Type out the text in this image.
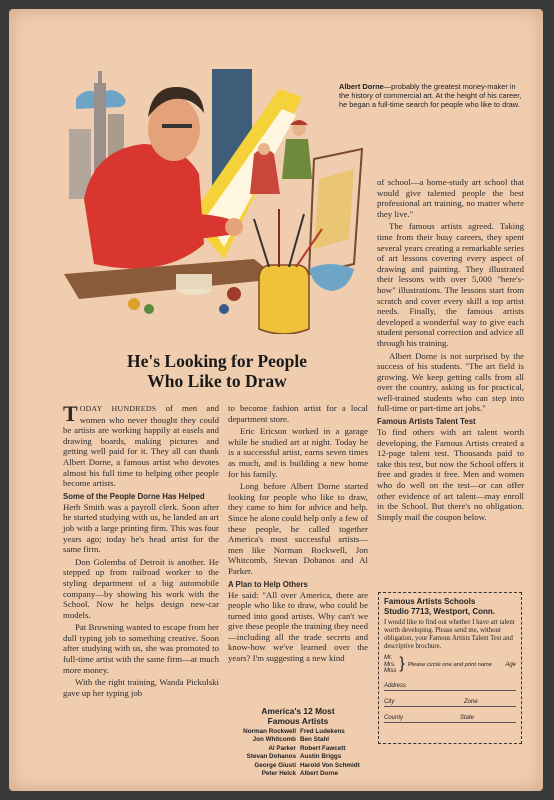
Albert Dorne—probably the greatest money-maker in the history of commercial art. At the height of his career, he began a full-time search for people who like to draw.
He's Looking for People
Who Like to Draw

TODAY HUNDREDS of men and women who never thought they could be artists are working happily at easels and drawing boards, making pictures and getting well paid for it. They all can thank Albert Dorne, a famous artist who devotes almost his full time to helping other people become artists.

Some of the People Dorne Has Helped

Herb Smith was a payroll clerk. Soon after he started studying with us, he landed an art job with a large printing firm. This was four years ago; today he's head artist for the same firm.

Don Golemba of Detroit is another. He stepped up from railroad worker to the styling department of a big automobile company—by showing his work with the School. Now he helps design new-car models.

Pat Browning wanted to escape from her dull typing job to something creative. Soon after studying with us, she was promoted to full-time artist with the same firm—at much more money.

With the right training, Wanda Pickulski gave up her typing job

to become fashion artist for a local department store.

Eric Ericson worked in a garage while he studied art at night. Today he is a successful artist, earns seven times as much, and is building a new home for his family.

Long before Albert Dorne started looking for people who like to draw, they came to him for advice and help. Since he alone could help only a few of these people, he called together America's most successful artists—men like Norman Rockwell, Jon Whitcomb, Stevan Dohanos and Al Parker.

A Plan to Help Others

He said: "All over America, there are people who like to draw, who could be turned into good artists. Why can't we give these people the training they need—including all the trade secrets and know-how we've learned over the years? I'm suggesting a new kind

America's 12 Most
Famous Artists
Norman Rockwell Fred Ludekens
Jon Whitcomb Ben Stahl
Al Parker Robert Fawcett
Stevan Dohanos Austin Briggs
George Giusti Harold Von Schmidt
Peter Helck Albert Dorne

of school—a home-study art school that would give talented people the best professional art training, no matter where they live."

The famous artists agreed. Taking time from their busy careers, they spent several years creating a remarkable series of art lessons covering every aspect of drawing and painting. They illustrated their lessons with over 5,000 "here's-how" illustrations. The lessons start from scratch and cover every skill a top artist needs. Finally, the famous artists developed a wonderful way to give each student personal correction and advice all through his training.

Albert Dorne is not surprised by the success of his students. "The art field is growing. We keep getting calls from all over the country, asking us for practical, well-trained students who can step into full-time or part-time art jobs."

Famous Artists Talent Test

To find others with art talent worth developing, the Famous Artists created a 12-page talent test. Thousands paid to take this test, but now the School offers it free and grades it free. Men and women who do well on the test—or can offer other evidence of art talent—may enroll in the School. But there's no obligation. Simply mail the coupon below.

Famous Artists Schools
Studio 7713, Westport, Conn.
I would like to find out whether I have art talent worth developing. Please send me, without obligation, your Famous Artists Talent Test and descriptive brochure.
Mr.
Mrs.
Miss } Please circle one and print name Age
Address
City	Zone
County	State
